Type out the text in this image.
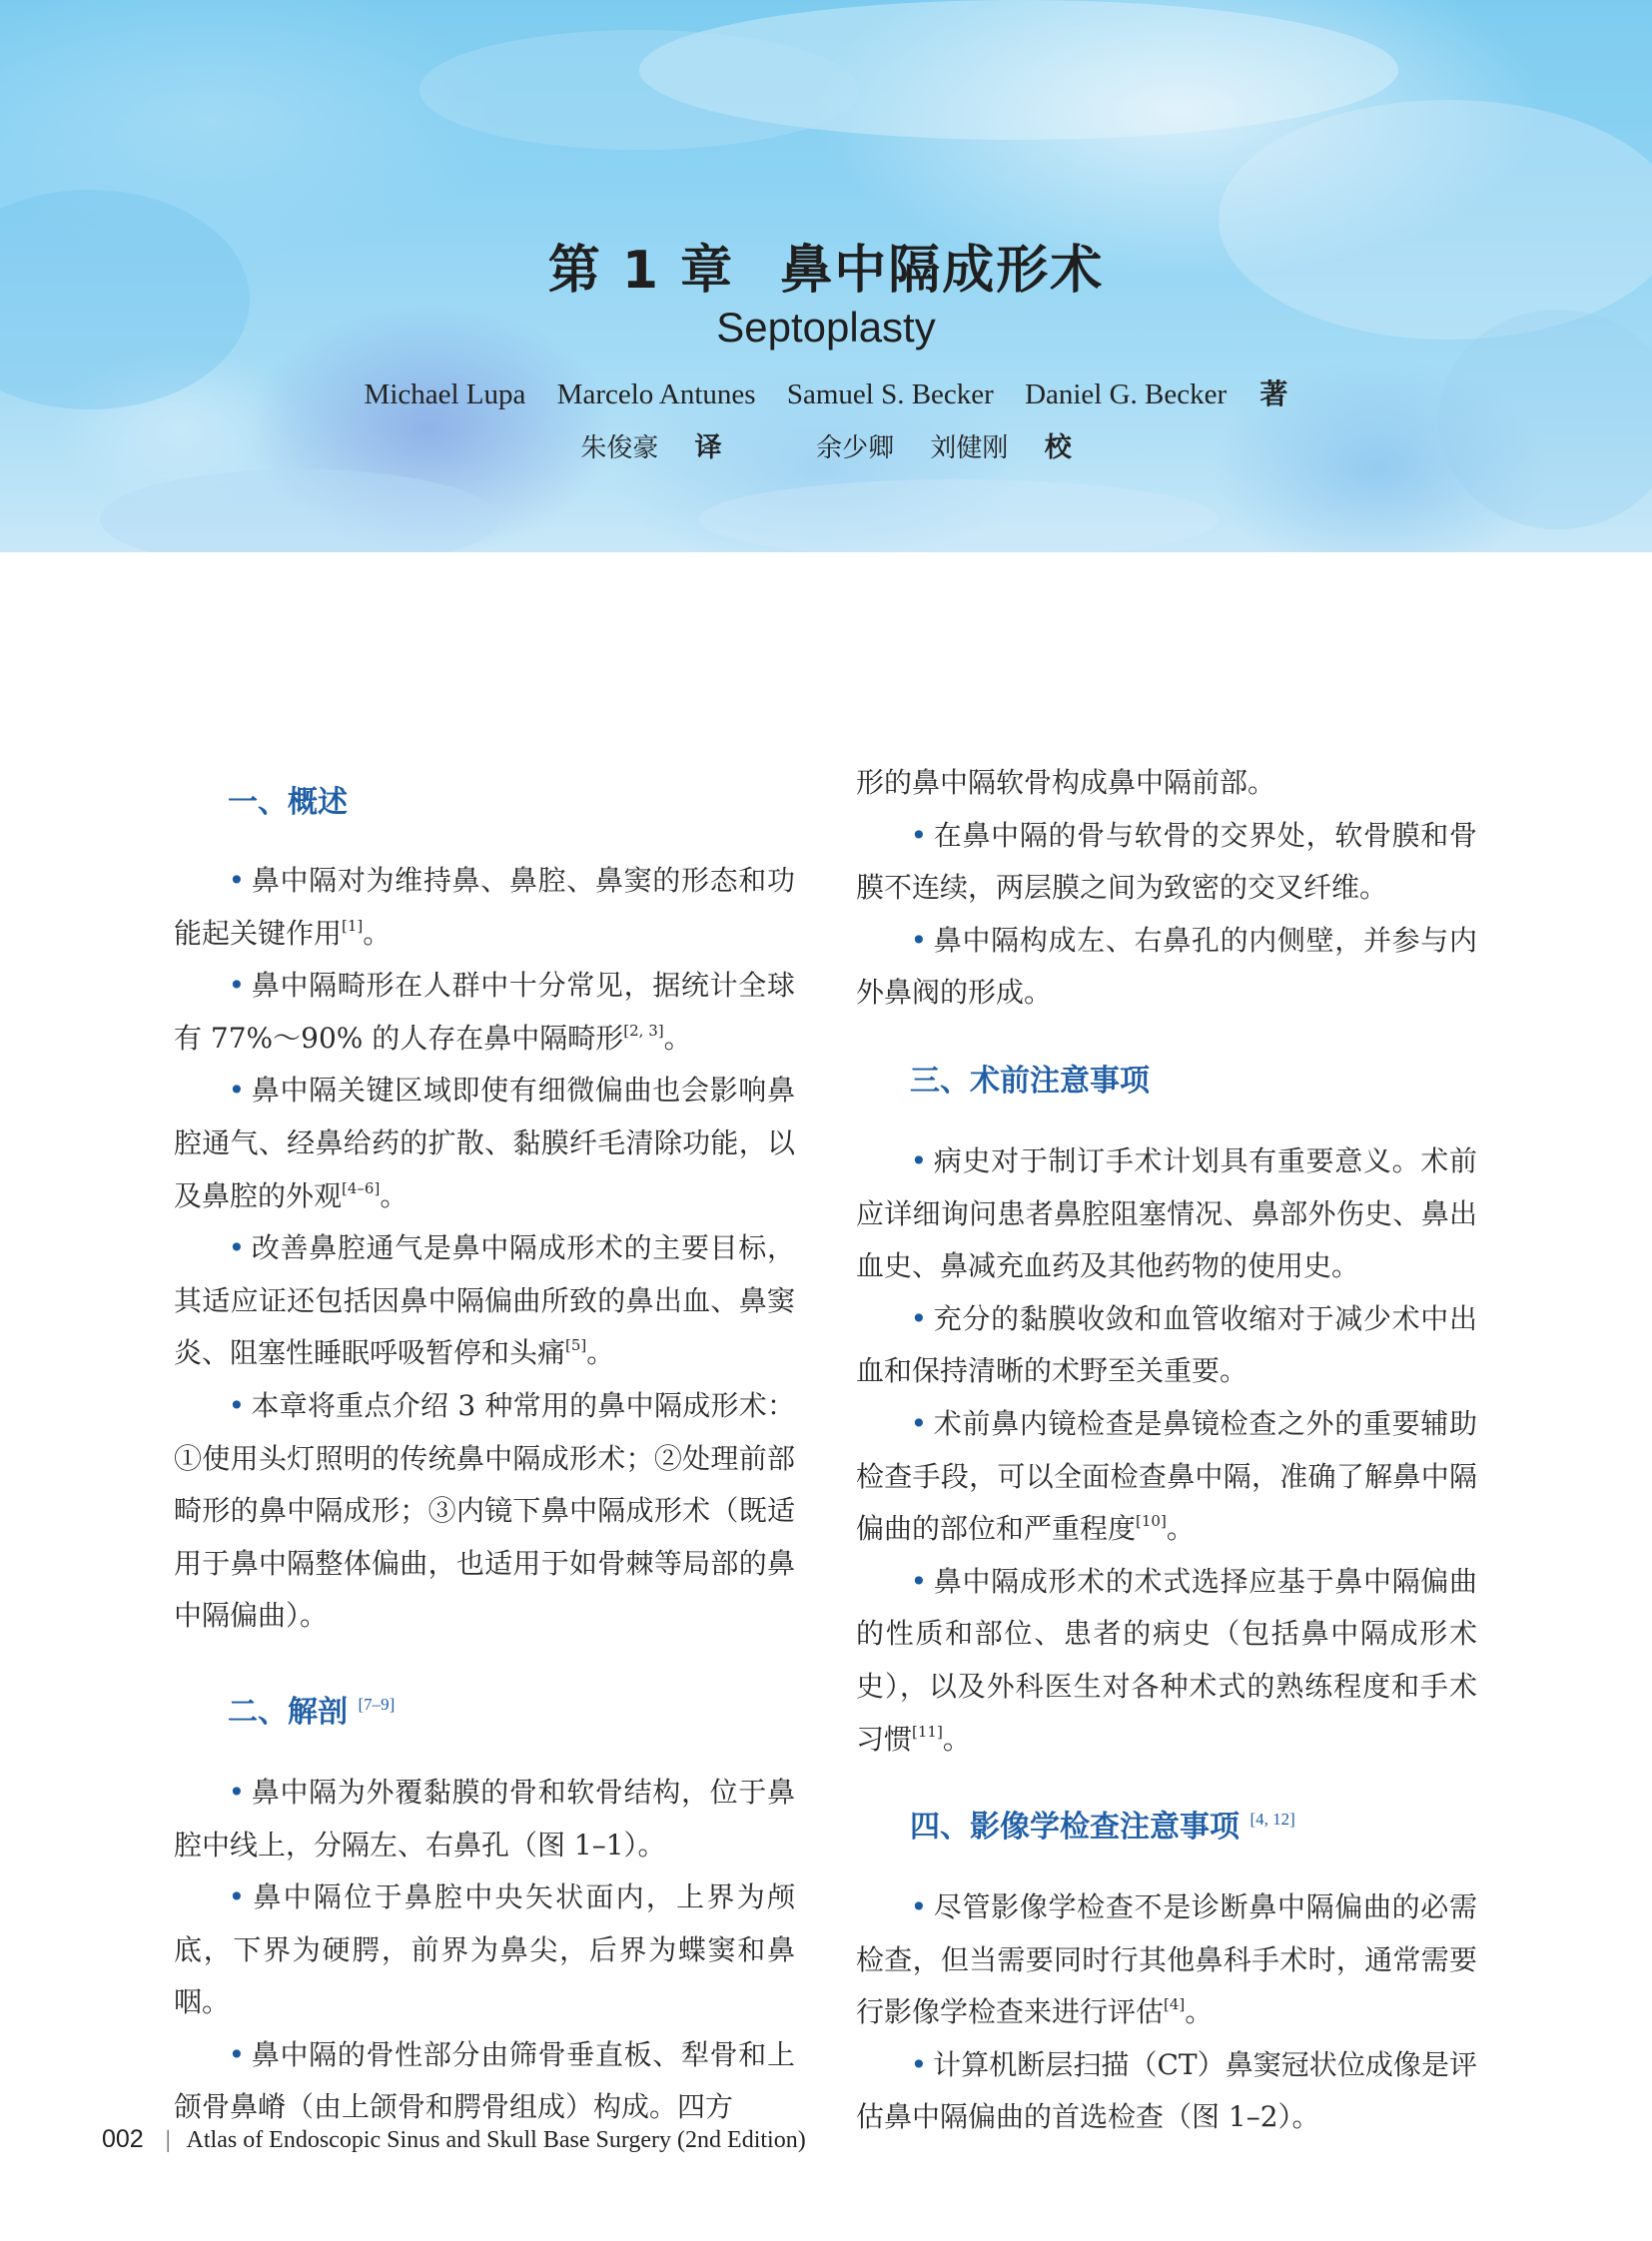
第 1 章 鼻中隔成形术
Septoplasty
Michael Lupa Marcelo Antunes Samuel S. Becker Daniel G. Becker 著
朱俊豪 译	余少卿 刘健刚 校
一、概述

• 鼻中隔对为维持鼻、鼻腔、鼻窦的形态和功能起关键作用[1]。

• 鼻中隔畸形在人群中十分常见，据统计全球有 77%～90% 的人存在鼻中隔畸形[2, 3]。

• 鼻中隔关键区域即使有细微偏曲也会影响鼻腔通气、经鼻给药的扩散、黏膜纤毛清除功能，以及鼻腔的外观[4–6]。

• 改善鼻腔通气是鼻中隔成形术的主要目标，其适应证还包括因鼻中隔偏曲所致的鼻出血、鼻窦炎、阻塞性睡眠呼吸暂停和头痛[5]。

• 本章将重点介绍 3 种常用的鼻中隔成形术：①使用头灯照明的传统鼻中隔成形术；②处理前部畸形的鼻中隔成形；③内镜下鼻中隔成形术（既适用于鼻中隔整体偏曲，也适用于如骨棘等局部的鼻中隔偏曲）。

二、解剖 [7–9]

• 鼻中隔为外覆黏膜的骨和软骨结构，位于鼻腔中线上，分隔左、右鼻孔（图 1–1）。

• 鼻中隔位于鼻腔中央矢状面内，上界为颅底，下界为硬腭，前界为鼻尖，后界为蝶窦和鼻咽。

• 鼻中隔的骨性部分由筛骨垂直板、犁骨和上颌骨鼻嵴（由上颌骨和腭骨组成）构成。四方

形的鼻中隔软骨构成鼻中隔前部。

• 在鼻中隔的骨与软骨的交界处，软骨膜和骨膜不连续，两层膜之间为致密的交叉纤维。

• 鼻中隔构成左、右鼻孔的内侧壁，并参与内外鼻阀的形成。

三、术前注意事项

• 病史对于制订手术计划具有重要意义。术前应详细询问患者鼻腔阻塞情况、鼻部外伤史、鼻出血史、鼻减充血药及其他药物的使用史。

• 充分的黏膜收敛和血管收缩对于减少术中出血和保持清晰的术野至关重要。

• 术前鼻内镜检查是鼻镜检查之外的重要辅助检查手段，可以全面检查鼻中隔，准确了解鼻中隔偏曲的部位和严重程度[10]。

• 鼻中隔成形术的术式选择应基于鼻中隔偏曲的性质和部位、患者的病史（包括鼻中隔成形术史），以及外科医生对各种术式的熟练程度和手术习惯[11]。

四、影像学检查注意事项 [4, 12]

• 尽管影像学检查不是诊断鼻中隔偏曲的必需检查，但当需要同时行其他鼻科手术时，通常需要行影像学检查来进行评估[4]。

• 计算机断层扫描（CT）鼻窦冠状位成像是评估鼻中隔偏曲的首选检查（图 1–2）。

002 | Atlas of Endoscopic Sinus and Skull Base Surgery (2nd Edition)
